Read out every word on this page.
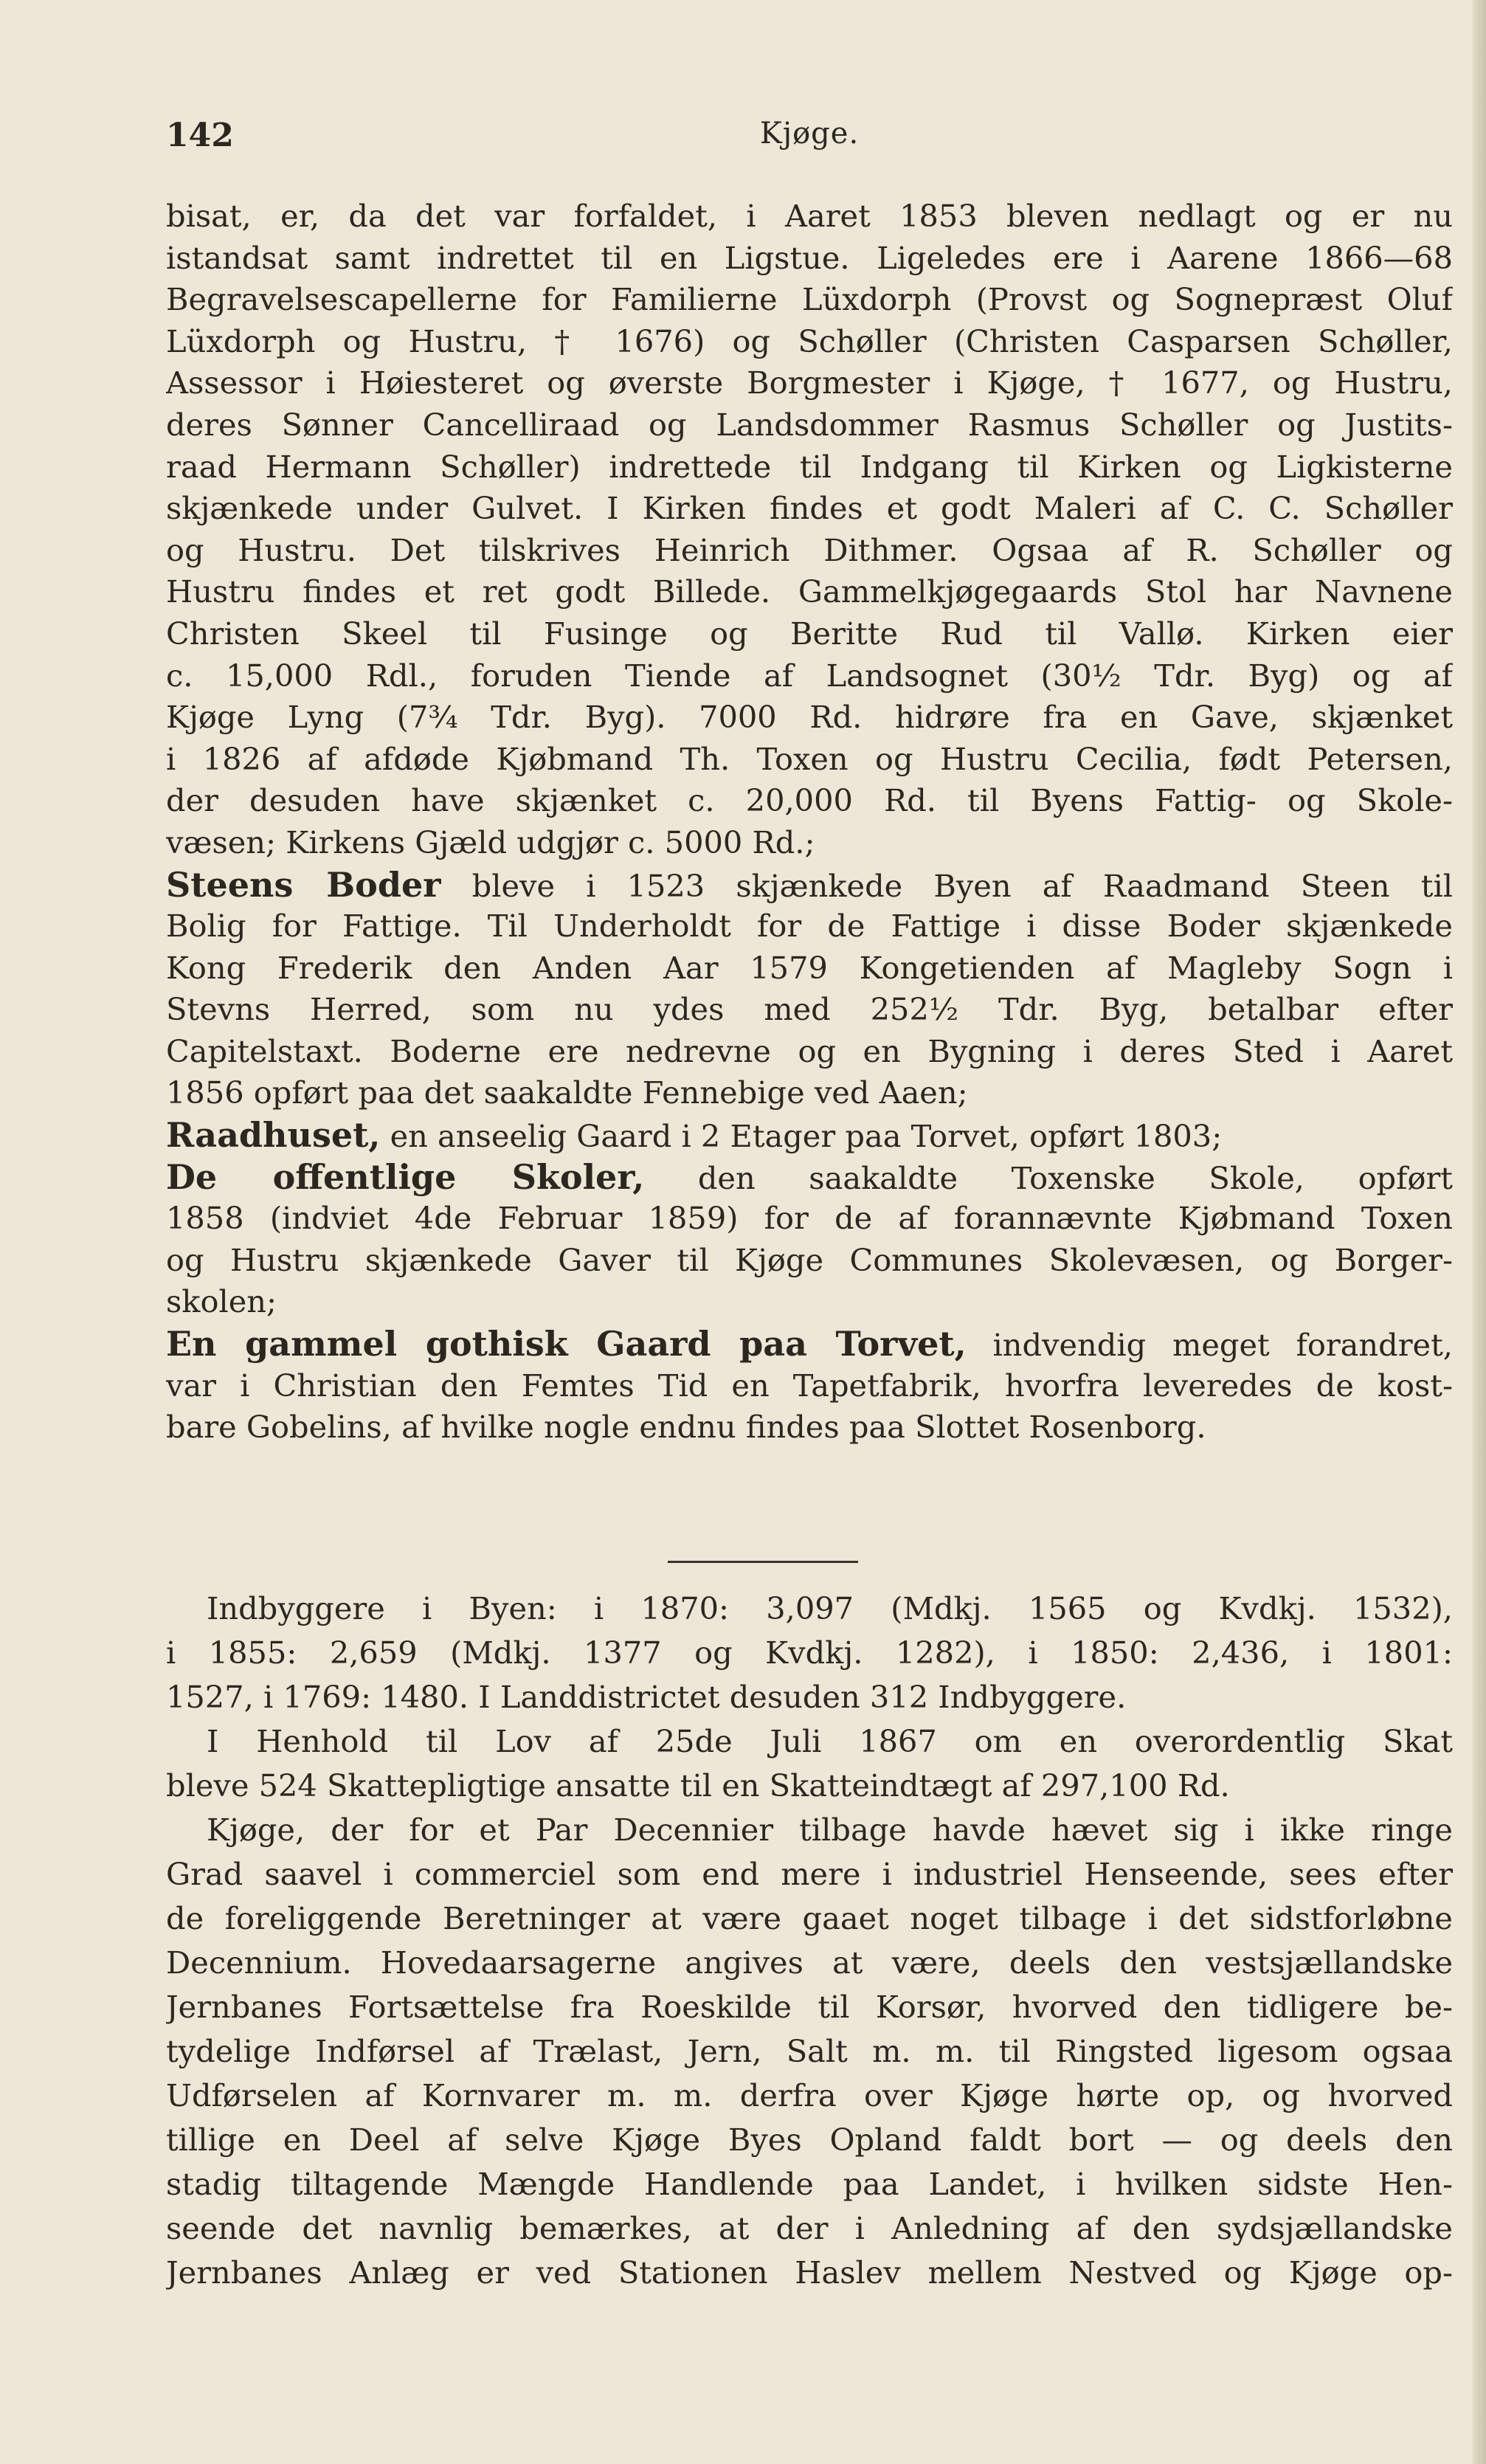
142	Kjøge.
bisat, er, da det var forfaldet, i Aaret 1853 bleven nedlagt og er nu
istandsat samt indrettet til en Ligstue. Ligeledes ere i Aarene 1866—68
Begravelsescapellerne for Familierne Lüxdorph (Provst og Sognepræst Oluf
Lüxdorph og Hustru, † 1676) og Schøller (Christen Casparsen Schøller,
Assessor i Høiesteret og øverste Borgmester i Kjøge, † 1677, og Hustru,
deres Sønner Cancelliraad og Landsdommer Rasmus Schøller og Justits-
raad Hermann Schøller) indrettede til Indgang til Kirken og Ligkisterne
skjænkede under Gulvet. I Kirken findes et godt Maleri af C. C. Schøller
og Hustru. Det tilskrives Heinrich Dithmer. Ogsaa af R. Schøller og
Hustru findes et ret godt Billede. Gammelkjøgegaards Stol har Navnene
Christen Skeel til Fusinge og Beritte Rud til Vallø. Kirken eier
c. 15,000 Rdl., foruden Tiende af Landsognet (30½ Tdr. Byg) og af
Kjøge Lyng (7¾ Tdr. Byg). 7000 Rd. hidrøre fra en Gave, skjænket
i 1826 af afdøde Kjøbmand Th. Toxen og Hustru Cecilia, født Petersen,
der desuden have skjænket c. 20,000 Rd. til Byens Fattig- og Skole-
væsen; Kirkens Gjæld udgjør c. 5000 Rd.;
Steens Boder bleve i 1523 skjænkede Byen af Raadmand Steen til
Bolig for Fattige. Til Underholdt for de Fattige i disse Boder skjænkede
Kong Frederik den Anden Aar 1579 Kongetienden af Magleby Sogn i
Stevns Herred, som nu ydes med 252½ Tdr. Byg, betalbar efter
Capitelstaxt. Boderne ere nedrevne og en Bygning i deres Sted i Aaret
1856 opført paa det saakaldte Fennebige ved Aaen;
Raadhuset, en anseelig Gaard i 2 Etager paa Torvet, opført 1803;
De offentlige Skoler, den saakaldte Toxenske Skole, opført
1858 (indviet 4de Februar 1859) for de af forannævnte Kjøbmand Toxen
og Hustru skjænkede Gaver til Kjøge Communes Skolevæsen, og Borger-
skolen;
En gammel gothisk Gaard paa Torvet, indvendig meget forandret,
var i Christian den Femtes Tid en Tapetfabrik, hvorfra leveredes de kost-
bare Gobelins, af hvilke nogle endnu findes paa Slottet Rosenborg.
Indbyggere i Byen: i 1870: 3,097 (Mdkj. 1565 og Kvdkj. 1532),
i 1855: 2,659 (Mdkj. 1377 og Kvdkj. 1282), i 1850: 2,436, i 1801:
1527, i 1769: 1480. I Landdistrictet desuden 312 Indbyggere.
I Henhold til Lov af 25de Juli 1867 om en overordentlig Skat
bleve 524 Skattepligtige ansatte til en Skatteindtægt af 297,100 Rd.
Kjøge, der for et Par Decennier tilbage havde hævet sig i ikke ringe
Grad saavel i commerciel som end mere i industriel Henseende, sees efter
de foreliggende Beretninger at være gaaet noget tilbage i det sidstforløbne
Decennium. Hovedaarsagerne angives at være, deels den vestsjællandske
Jernbanes Fortsættelse fra Roeskilde til Korsør, hvorved den tidligere be-
tydelige Indførsel af Trælast, Jern, Salt m. m. til Ringsted ligesom ogsaa
Udførselen af Kornvarer m. m. derfra over Kjøge hørte op, og hvorved
tillige en Deel af selve Kjøge Byes Opland faldt bort — og deels den
stadig tiltagende Mængde Handlende paa Landet, i hvilken sidste Hen-
seende det navnlig bemærkes, at der i Anledning af den sydsjællandske
Jernbanes Anlæg er ved Stationen Haslev mellem Nestved og Kjøge op-
